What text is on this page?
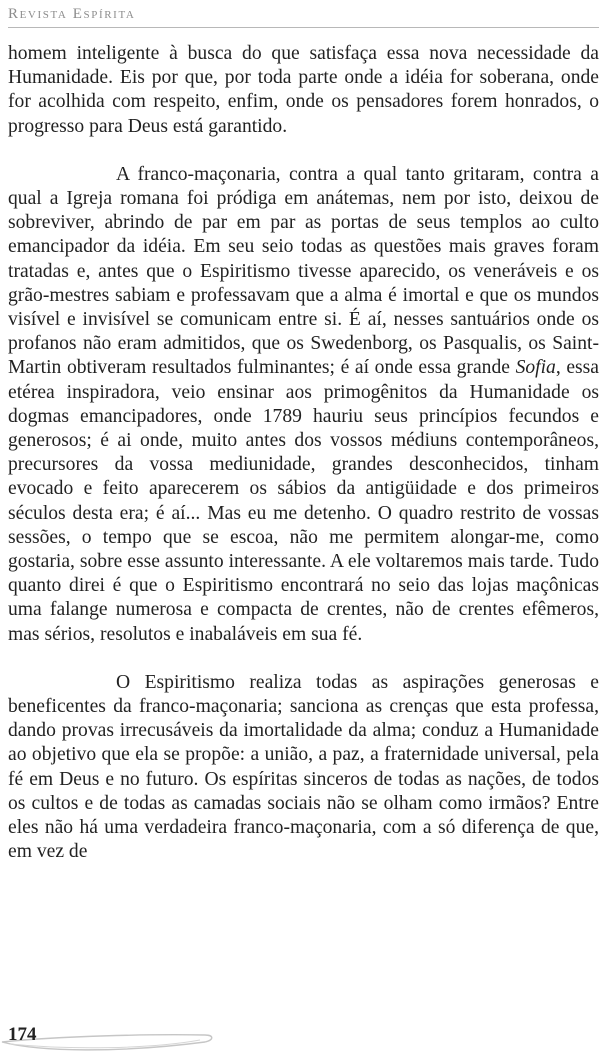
Revista Espírita

homem inteligente à busca do que satisfaça essa nova necessidade da Humanidade. Eis por que, por toda parte onde a idéia for soberana, onde for acolhida com respeito, enfim, onde os pensadores forem honrados, o progresso para Deus está garantido.

A franco-maçonaria, contra a qual tanto gritaram, contra a qual a Igreja romana foi pródiga em anátemas, nem por isto, deixou de sobreviver, abrindo de par em par as portas de seus templos ao culto emancipador da idéia. Em seu seio todas as questões mais graves foram tratadas e, antes que o Espiritismo tivesse aparecido, os veneráveis e os grão-mestres sabiam e professavam que a alma é imortal e que os mundos visível e invisível se comunicam entre si. É aí, nesses santuários onde os profanos não eram admitidos, que os Swedenborg, os Pasqualis, os Saint-Martin obtiveram resultados fulminantes; é aí onde essa grande Sofia, essa etérea inspiradora, veio ensinar aos primogênitos da Humanidade os dogmas emancipadores, onde 1789 hauriu seus princípios fecundos e generosos; é ai onde, muito antes dos vossos médiuns contemporâneos, precursores da vossa mediunidade, grandes desconhecidos, tinham evocado e feito aparecerem os sábios da antigüidade e dos primeiros séculos desta era; é aí... Mas eu me detenho. O quadro restrito de vossas sessões, o tempo que se escoa, não me permitem alongar-me, como gostaria, sobre esse assunto interessante. A ele voltaremos mais tarde. Tudo quanto direi é que o Espiritismo encontrará no seio das lojas maçônicas uma falange numerosa e compacta de crentes, não de crentes efêmeros, mas sérios, resolutos e inabaláveis em sua fé.

O Espiritismo realiza todas as aspirações generosas e beneficentes da franco-maçonaria; sanciona as crenças que esta professa, dando provas irrecusáveis da imortalidade da alma; conduz a Humanidade ao objetivo que ela se propõe: a união, a paz, a fraternidade universal, pela fé em Deus e no futuro. Os espíritas sinceros de todas as nações, de todos os cultos e de todas as camadas sociais não se olham como irmãos? Entre eles não há uma verdadeira franco-maçonaria, com a só diferença de que, em vez de

174
